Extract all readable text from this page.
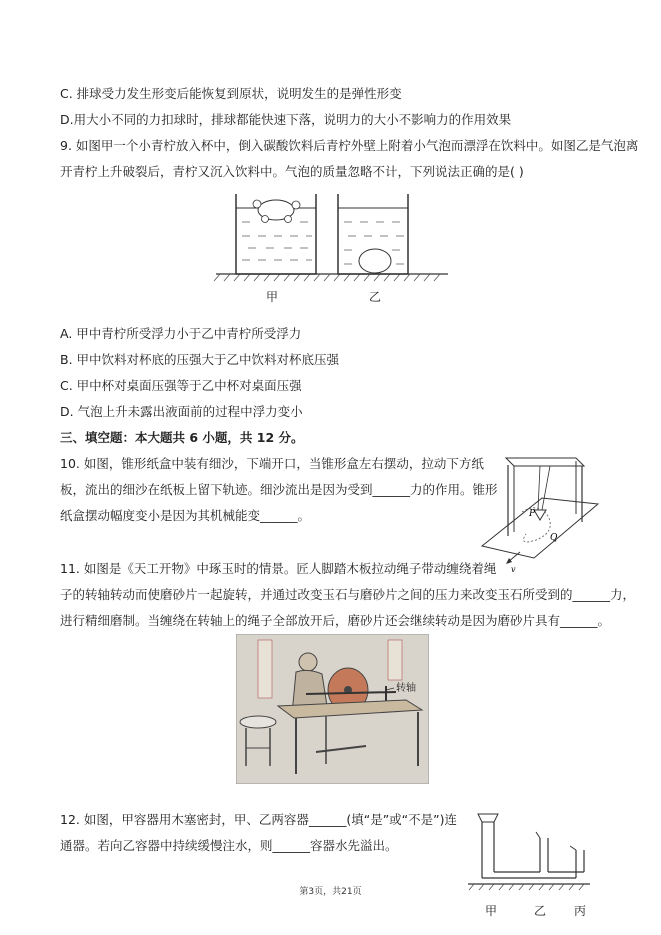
C. 排球受力发生形变后能恢复到原状，说明发生的是弹性形变
D.用大小不同的力扣球时，排球都能快速下落，说明力的大小不影响力的作用效果
9. 如图甲一个小青柠放入杯中，倒入碳酸饮料后青柠外壁上附着小气泡而漂浮在饮料中。如图乙是气泡离
开青柠上升破裂后，青柠又沉入饮料中。气泡的质量忽略不计，下列说法正确的是( )
甲	乙
A. 甲中青柠所受浮力小于乙中青柠所受浮力
B. 甲中饮料对杯底的压强大于乙中饮料对杯底压强
C. 甲中杯对桌面压强等于乙中杯对桌面压强
D. 气泡上升未露出液面前的过程中浮力变小
三、填空题：本大题共 6 小题，共 12 分。
10. 如图，锥形纸盒中装有细沙，下端开口，当锥形盒左右摆动，拉动下方纸
板，流出的细沙在纸板上留下轨迹。细沙流出是因为受到______力的作用。锥形
纸盒摆动幅度变小是因为其机械能变______。	P
Q
v
11. 如图是《天工开物》中琢玉时的情景。匠人脚踏木板拉动绳子带动缠绕着绳
子的转轴转动而使磨砂片一起旋转，并通过改变玉石与磨砂片之间的压力来改变玉石所受到的______力，
进行精细磨制。当缠绕在转轴上的绳子全部放开后，磨砂片还会继续转动是因为磨砂片具有______。
转轴
12. 如图，甲容器用木塞密封，甲、乙两容器______(填“是”或“不是”)连
通器。若向乙容器中持续缓慢注水，则______容器水先溢出。
甲	乙 丙
第3页，共21页
